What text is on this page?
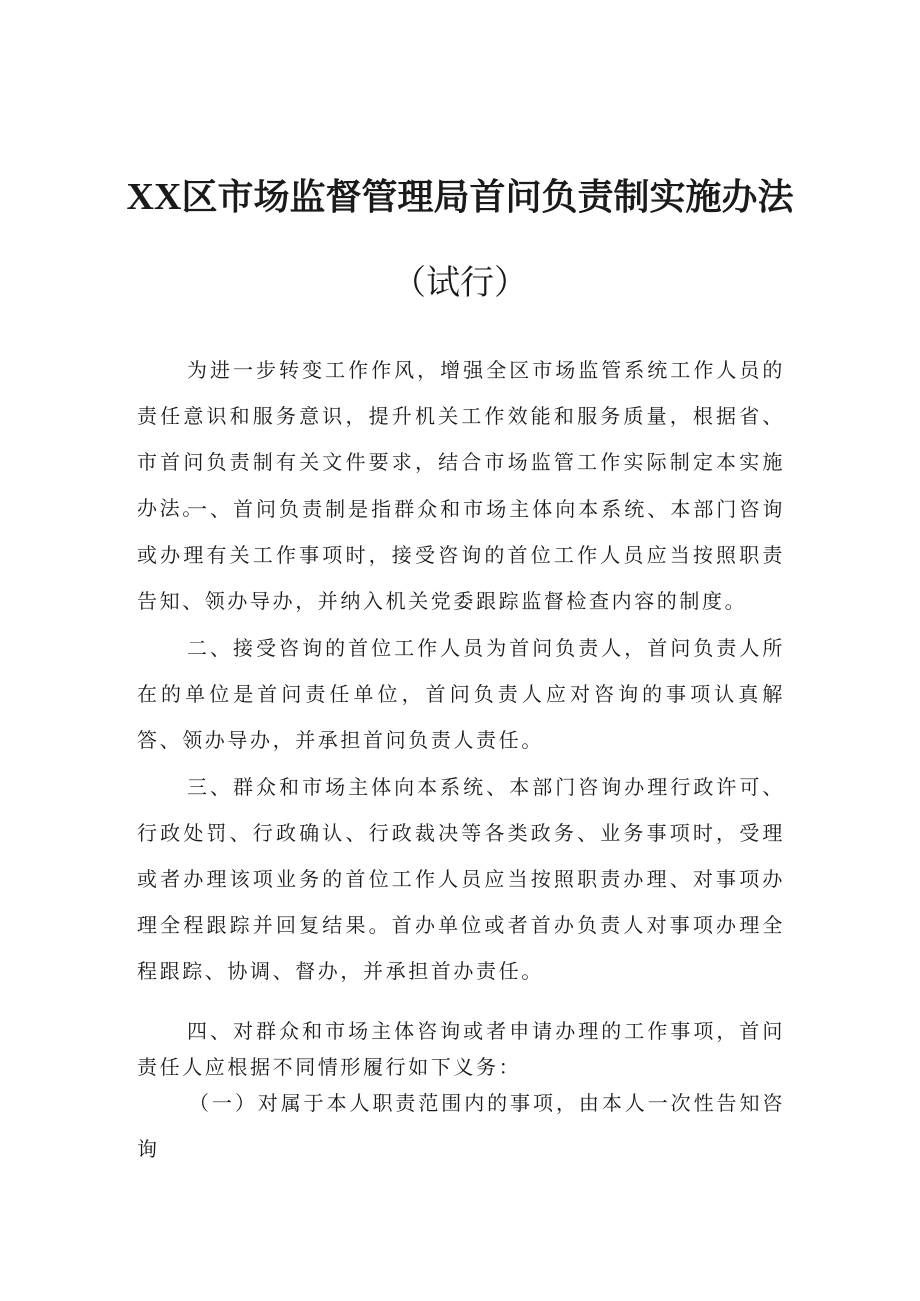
XX区市场监督管理局首问负责制实施办法
（试行）

为进一步转变工作作风，增强全区市场监管系统工作人员的责任意识和服务意识，提升机关工作效能和服务质量，根据省、市首问负责制有关文件要求，结合市场监管工作实际制定本实施办法。

一、首问负责制是指群众和市场主体向本系统、本部门咨询或办理有关工作事项时，接受咨询的首位工作人员应当按照职责告知、领办导办，并纳入机关党委跟踪监督检查内容的制度。

二、接受咨询的首位工作人员为首问负责人，首问负责人所在的单位是首问责任单位，首问负责人应对咨询的事项认真解答、领办导办，并承担首问负责人责任。

三、群众和市场主体向本系统、本部门咨询办理行政许可、行政处罚、行政确认、行政裁决等各类政务、业务事项时，受理或者办理该项业务的首位工作人员应当按照职责办理、对事项办理全程跟踪并回复结果。首办单位或者首办负责人对事项办理全程跟踪、协调、督办，并承担首办责任。

四、对群众和市场主体咨询或者申请办理的工作事项，首问责任人应根据不同情形履行如下义务：

（一）对属于本人职责范围内的事项，由本人一次性告知咨询
